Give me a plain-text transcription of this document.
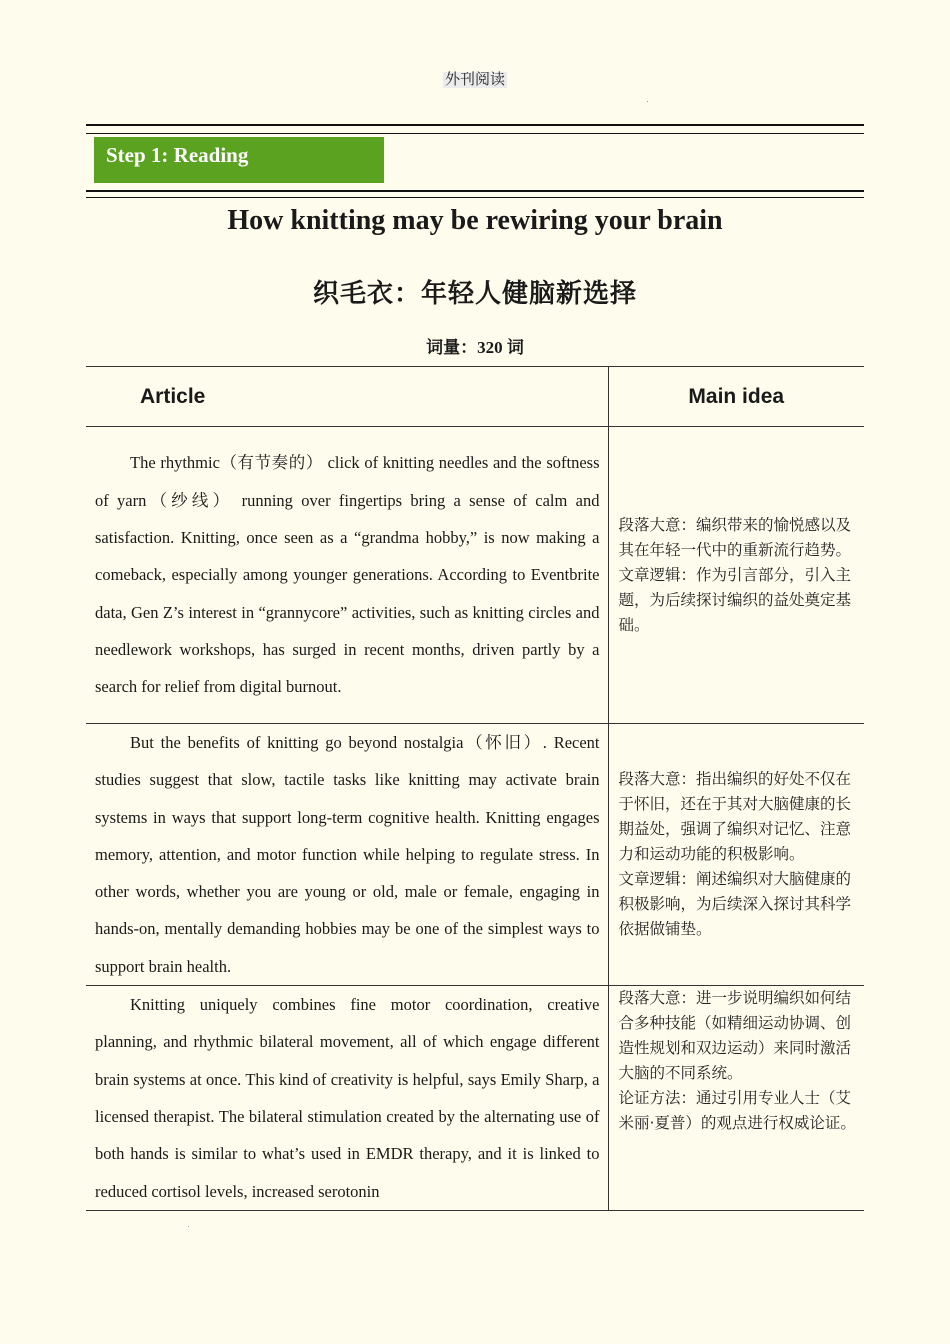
外刊阅读
Step 1: Reading
How knitting may be rewiring your brain
织毛衣：年轻人健脑新选择
词量：320 词
Article	Main idea

The rhythmic（有节奏的） click of knitting needles and the softness of yarn（纱线） running over fingertips bring a sense of calm and satisfaction. Knitting, once seen as a “grandma hobby,” is now making a comeback, especially among younger generations. According to Eventbrite data, Gen Z’s interest in “grannycore” activities, such as knitting circles and needlework workshops, has surged in recent months, driven partly by a search for relief from digital burnout.	段落大意：编织带来的愉悦感以及其在年轻一代中的重新流行趋势。

文章逻辑：作为引言部分，引入主题，为后续探讨编织的益处奠定基础。

But the benefits of knitting go beyond nostalgia（怀旧）. Recent studies suggest that slow, tactile tasks like knitting may activate brain systems in ways that support long-term cognitive health. Knitting engages memory, attention, and motor function while helping to regulate stress. In other words, whether you are young or old, male or female, engaging in hands-on, mentally demanding hobbies may be one of the simplest ways to support brain health.	段落大意：指出编织的好处不仅在于怀旧，还在于其对大脑健康的长期益处，强调了编织对记忆、注意力和运动功能的积极影响。

文章逻辑：阐述编织对大脑健康的积极影响，为后续深入探讨其科学依据做铺垫。

Knitting uniquely combines fine motor coordination, creative planning, and rhythmic bilateral movement, all of which engage different brain systems at once. This kind of creativity is helpful, says Emily Sharp, a licensed therapist. The bilateral stimulation created by the alternating use of both hands is similar to what’s used in EMDR therapy, and it is linked to reduced cortisol levels, increased serotonin	段落大意：进一步说明编织如何结合多种技能（如精细运动协调、创造性规划和双边运动）来同时激活大脑的不同系统。

论证方法：通过引用专业人士（艾米丽·夏普）的观点进行权威论证。
